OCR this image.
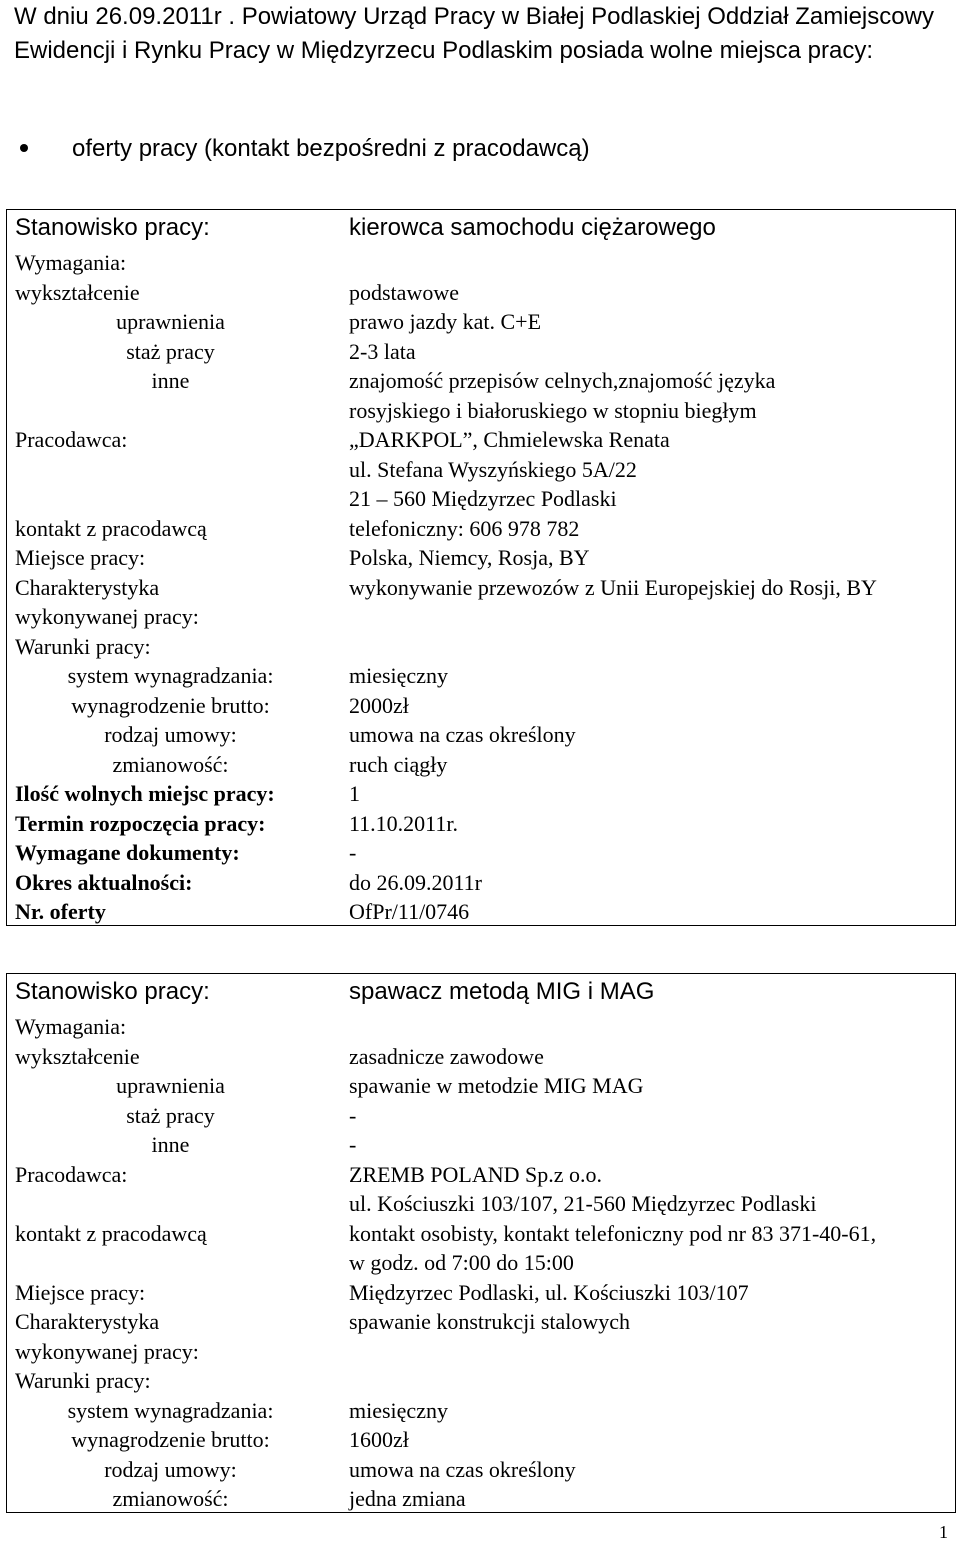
W dniu 26.09.2011r . Powiatowy Urząd Pracy w Białej Podlaskiej Oddział Zamiejscowy Ewidencji i Rynku Pracy w Międzyrzecu Podlaskim posiada wolne miejsca pracy:
oferty pracy (kontakt bezpośredni z pracodawcą)
Stanowisko pracy:	kierowca samochodu ciężarowego
Wymagania:
wykształcenie	podstawowe
uprawnienia	prawo jazdy kat. C+E
staż pracy	2-3 lata
inne	znajomość przepisów celnych,znajomość języka
rosyjskiego i białoruskiego w stopniu biegłym
Pracodawca:	„DARKPOL”, Chmielewska Renata
ul. Stefana Wyszyńskiego 5A/22
21 – 560 Międzyrzec Podlaski
kontakt z pracodawcą	telefoniczny: 606 978 782
Miejsce pracy:	Polska, Niemcy, Rosja, BY
Charakterystyka
wykonywanej pracy:
wykonywanie przewozów z Unii Europejskiej do Rosji, BY
Warunki pracy:
system wynagradzania:	miesięczny
wynagrodzenie brutto:	2000zł
rodzaj umowy:	umowa na czas określony
zmianowość:	ruch ciągły
Ilość wolnych miejsc pracy:	1
Termin rozpoczęcia pracy:	11.10.2011r.
Wymagane dokumenty:	-
Okres aktualności:	do 26.09.2011r
Nr. oferty	OfPr/11/0746
Stanowisko pracy:	spawacz metodą MIG i MAG
Wymagania:
wykształcenie	zasadnicze zawodowe
uprawnienia	spawanie w metodzie MIG MAG
staż pracy	-
inne	-
Pracodawca:	ZREMB POLAND Sp.z o.o.
ul. Kościuszki 103/107, 21-560 Międzyrzec Podlaski
kontakt z pracodawcą	kontakt osobisty, kontakt telefoniczny pod nr 83 371-40-61,
w godz. od 7:00 do 15:00
Miejsce pracy:	Międzyrzec Podlaski, ul. Kościuszki 103/107
Charakterystyka
wykonywanej pracy:
spawanie konstrukcji stalowych
Warunki pracy:
system wynagradzania:	miesięczny
wynagrodzenie brutto:	1600zł
rodzaj umowy:	umowa na czas określony
zmianowość:	jedna zmiana
1
